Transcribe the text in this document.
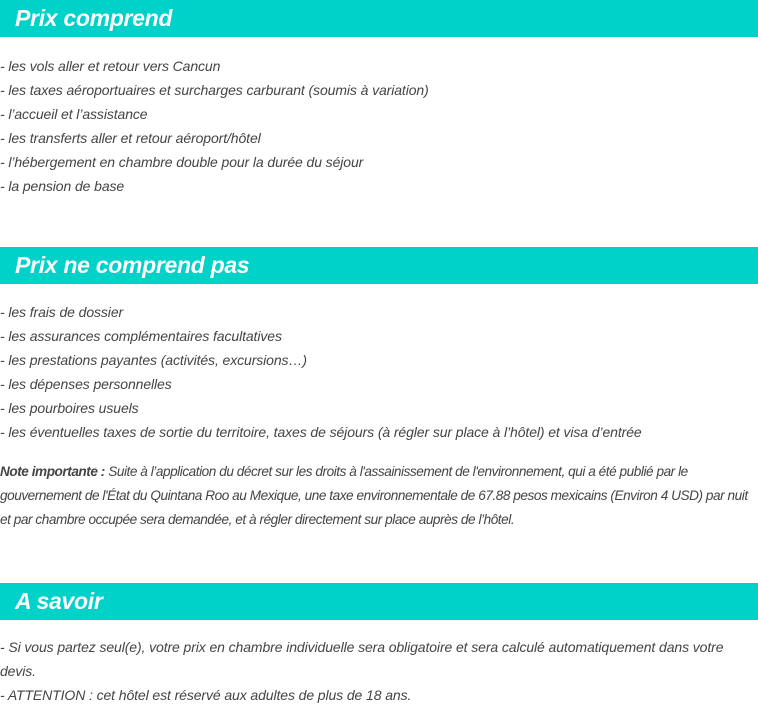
Prix comprend
- les vols aller et retour vers Cancun
- les taxes aéroportuaires et surcharges carburant (soumis à variation)
- l’accueil et l’assistance
- les transferts aller et retour aéroport/hôtel
- l’hébergement en chambre double pour la durée du séjour
- la pension de base
Prix ne comprend pas
- les frais de dossier
- les assurances complémentaires facultatives
- les prestations payantes (activités, excursions…)
- les dépenses personnelles
- les pourboires usuels
- les éventuelles taxes de sortie du territoire, taxes de séjours (à régler sur place à l’hôtel) et visa d’entrée

Note importante : Suite à l’application du décret sur les droits à l'assainissement de l'environnement, qui a été publié par le gouvernement de l'État du Quintana Roo au Mexique, une taxe environnementale de 67.88 pesos mexicains (Environ 4 USD) par nuit et par chambre occupée sera demandée, et à régler directement sur place auprès de l’hôtel.

A savoir
- Si vous partez seul(e), votre prix en chambre individuelle sera obligatoire et sera calculé automatiquement dans votre devis.
- ATTENTION : cet hôtel est réservé aux adultes de plus de 18 ans.
